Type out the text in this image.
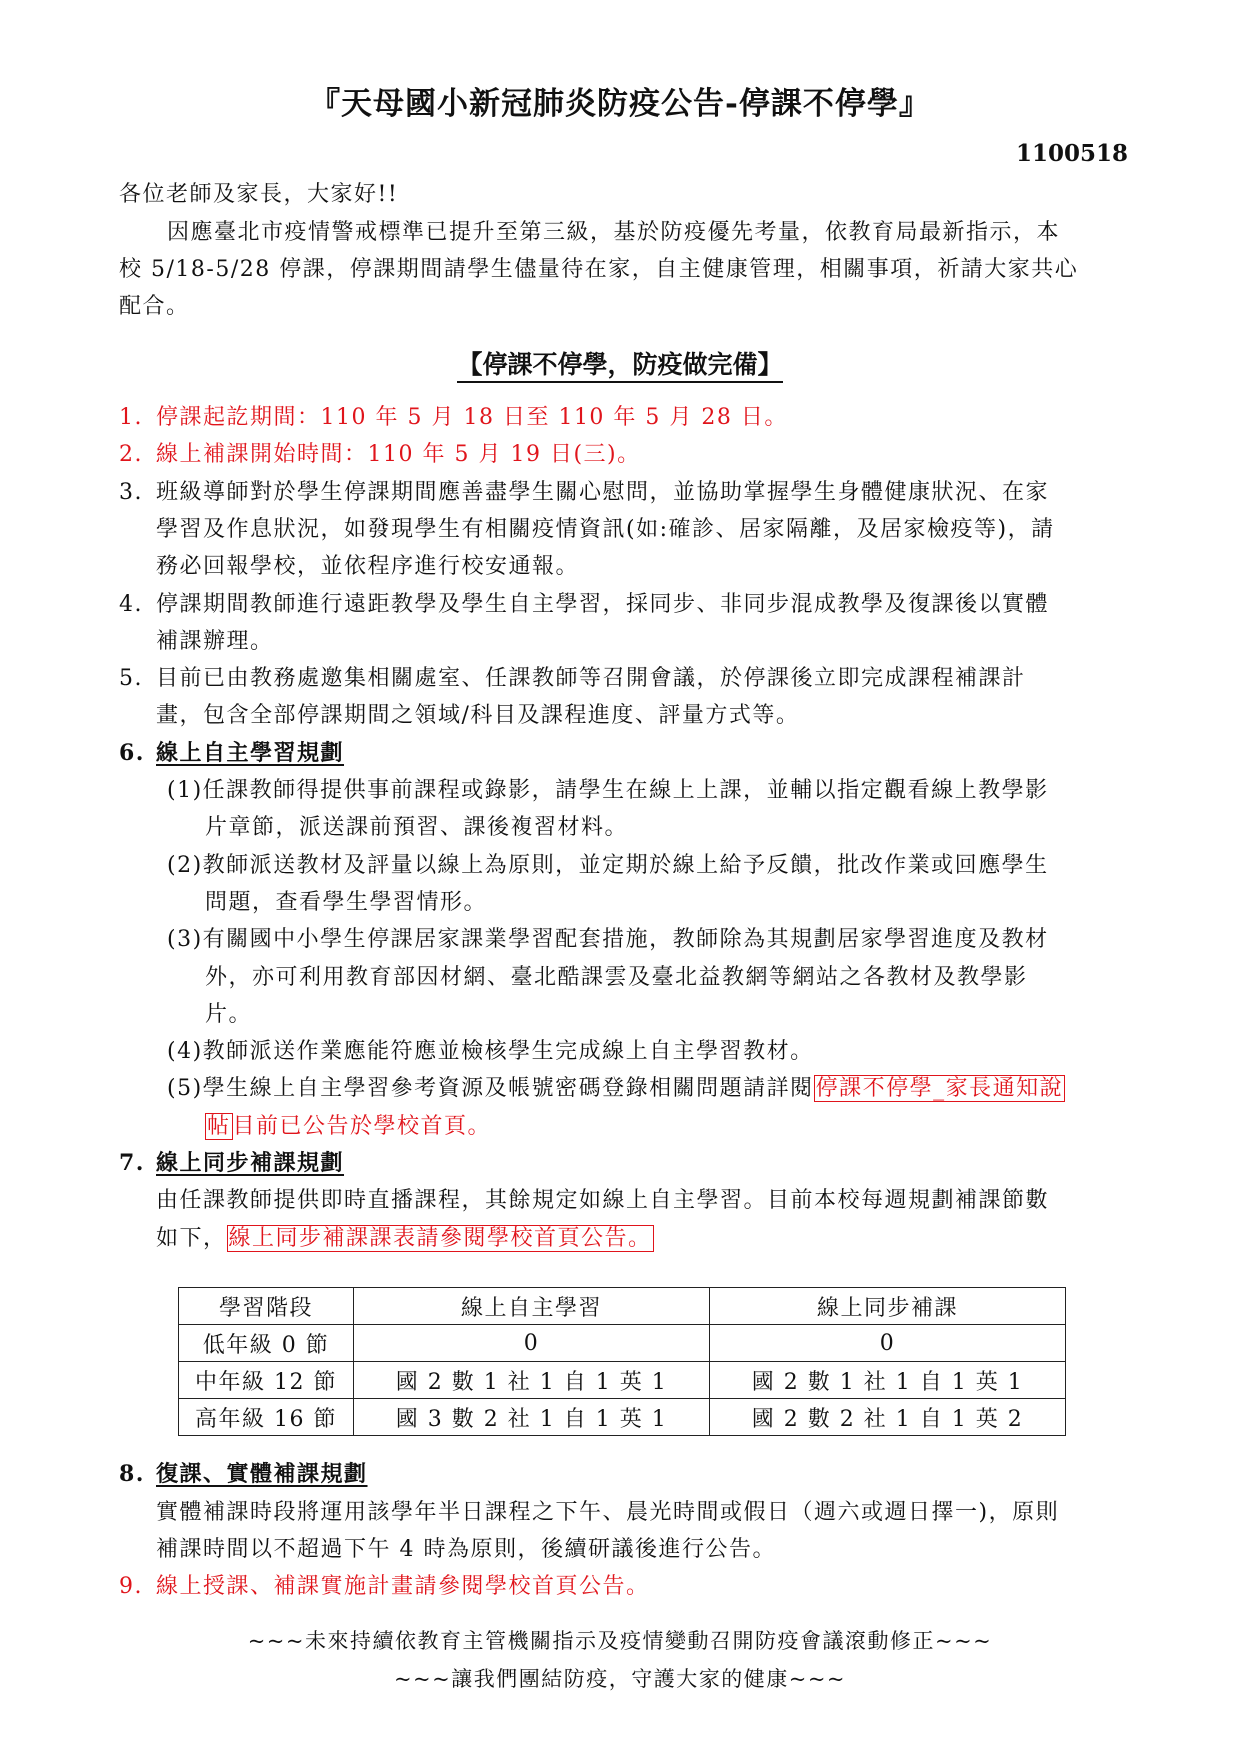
『天母國小新冠肺炎防疫公告-停課不停學』
1100518
各位老師及家長，大家好!!
因應臺北市疫情警戒標準已提升至第三級，基於防疫優先考量，依教育局最新指示，本
校 5/18-5/28 停課，停課期間請學生儘量待在家，自主健康管理，相關事項，祈請大家共心
配合。
【停課不停學，防疫做完備】
1. 停課起訖期間：110 年 5 月 18 日至 110 年 5 月 28 日。
2. 線上補課開始時間：110 年 5 月 19 日(三)。
3. 班級導師對於學生停課期間應善盡學生關心慰問，並協助掌握學生身體健康狀況、在家
學習及作息狀況，如發現學生有相關疫情資訊(如:確診、居家隔離，及居家檢疫等)，請
務必回報學校，並依程序進行校安通報。
4. 停課期間教師進行遠距教學及學生自主學習，採同步、非同步混成教學及復課後以實體
補課辦理。
5. 目前已由教務處邀集相關處室、任課教師等召開會議，於停課後立即完成課程補課計
畫，包含全部停課期間之領域/科目及課程進度、評量方式等。
6. 線上自主學習規劃
(1)任課教師得提供事前課程或錄影，請學生在線上上課，並輔以指定觀看線上教學影
片章節，派送課前預習、課後複習材料。
(2)教師派送教材及評量以線上為原則，並定期於線上給予反饋，批改作業或回應學生
問題，查看學生學習情形。
(3)有關國中小學生停課居家課業學習配套措施，教師除為其規劃居家學習進度及教材
外，亦可利用教育部因材網、臺北酷課雲及臺北益教網等網站之各教材及教學影
片。
(4)教師派送作業應能符應並檢核學生完成線上自主學習教材。
(5)學生線上自主學習參考資源及帳號密碼登錄相關問題請詳閱停課不停學_家長通知說
帖目前已公告於學校首頁。
7. 線上同步補課規劃
由任課教師提供即時直播課程，其餘規定如線上自主學習。目前本校每週規劃補課節數
如下，線上同步補課課表請參閱學校首頁公告。
學習階段	線上自主學習	線上同步補課
低年級 0 節	0	0
中年級 12 節	國 2 數 1 社 1 自 1 英 1	國 2 數 1 社 1 自 1 英 1
高年級 16 節	國 3 數 2 社 1 自 1 英 1	國 2 數 2 社 1 自 1 英 2
8. 復課、實體補課規劃
實體補課時段將運用該學年半日課程之下午、晨光時間或假日（週六或週日擇一)，原則
補課時間以不超過下午 4 時為原則，後續研議後進行公告。
9. 線上授課、補課實施計畫請參閱學校首頁公告。
~~~未來持續依教育主管機關指示及疫情變動召開防疫會議滾動修正~~~
~~~讓我們團結防疫，守護大家的健康~~~
